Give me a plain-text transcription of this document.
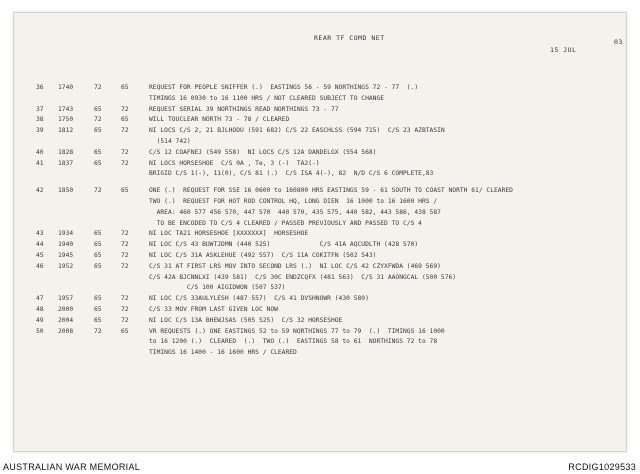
REAR TF COMD NET
15 JUL
03
36	1740	72	65	REQUEST FOR PEOPLE SNIFFER (.)  EASTINGS 56 - 59 NORTHINGS 72 - 77  (.)
TIMINGS 16 0930 to 16 1100 HRS / NOT CLEARED SUBJECT TO CHANGE
37	1743	65	72	REQUEST SERIAL 39 NORTHINGS READ NORTHINGS 73 - 77
38	1750	72	65	WILL TOUCLEAR NORTH 73 - 78 / CLEARED
39	1812	65	72	NI LOCS C/S 2, 21 BJLHODU (591 682) C/S 22 EASCHLSS (594 715)  C/S 23 AZBTASIN
(514 742)
40	1828	65	72	C/S 12 COAFNEJ (549 558)  NI LOCS C/S 12A DANDELGX (554 568)
41	1837	65	72	NI LOCS HORSESHOE  C/S 0A , Te, 3 (-)  TA2(-)
BRIGID C/S 1(-), 11(0), C/S 81 (.)  C/S ISA 4(-), 82  N/D C/S 6 COMPLETE,83
42	1850	72	65	ONE (.)  REQUEST FOR SSE 16 0600 to 160800 HRS EASTINGS 59 - 61 SOUTH TO COAST NORTH 61/ CLEARED
TWO (.)  REQUEST FOR HOT ROD CONTROL HQ, LONG DIEN  16 1000 to 16 1600 HRS /
AREA: 460 577 456 570, 447 570  440 570, 435 575, 440 582, 443 586, 438 587
TO BE ENCODED TO C/S 4 CLEARED / PASSED PREVIOUSLY AND PASSED TO C/S 4
43	1934	65	72	NI LOC TA21 HORSESHOE [XXXXXXX]  HORSESHOE
44	1940	65	72	NI LOC C/S 43 BUWTJDMN (440 525)             C/S 41A AQCUDLTH (428 570)
45	1945	65	72	NI LOC C/S 31A ASKLEHUE (492 557)  C/S 11A COKITFN (502 543)
46	1952	65	72	C/S 31 AT FIRST LRS MOV INTO SECOND LRS (.)  NI LOC C/S 42 CZYXFWDA (469 569)
C/S 42A BJCNNLXI (439 581)  C/S 30C ENDZCQFX (481 563)  C/S 31 AAONGCAL (500 576)
C/S 100 AIGIDWON (507 537)
47	1957	65	72	NI LOC C/S 33AULYLESH (487 557)  C/S 41 DVSHNOWR (430 580)
48	2000	65	72	C/S 33 MOV FROM LAST GIVEN LOC NOW
49	2004	65	72	NI LOC C/S 13A BHEWJSAS (505 525)  C/S 32 HORSESHOE
50	2008	72	65	VR REQUESTS (.) ONE EASTINGS 52 to 59 NORTHINGS 77 to 79  (.)  TIMINGS 16 1000
to 16 1200 (.)  CLEARED  (.)  TWO (.)  EASTINGS 58 to 61  NORTHINGS 72 to 78
TIMINGS 16 1400 - 16 1600 HRS / CLEARED
AUSTRALIAN WAR MEMORIAL	RCDIG1029533
